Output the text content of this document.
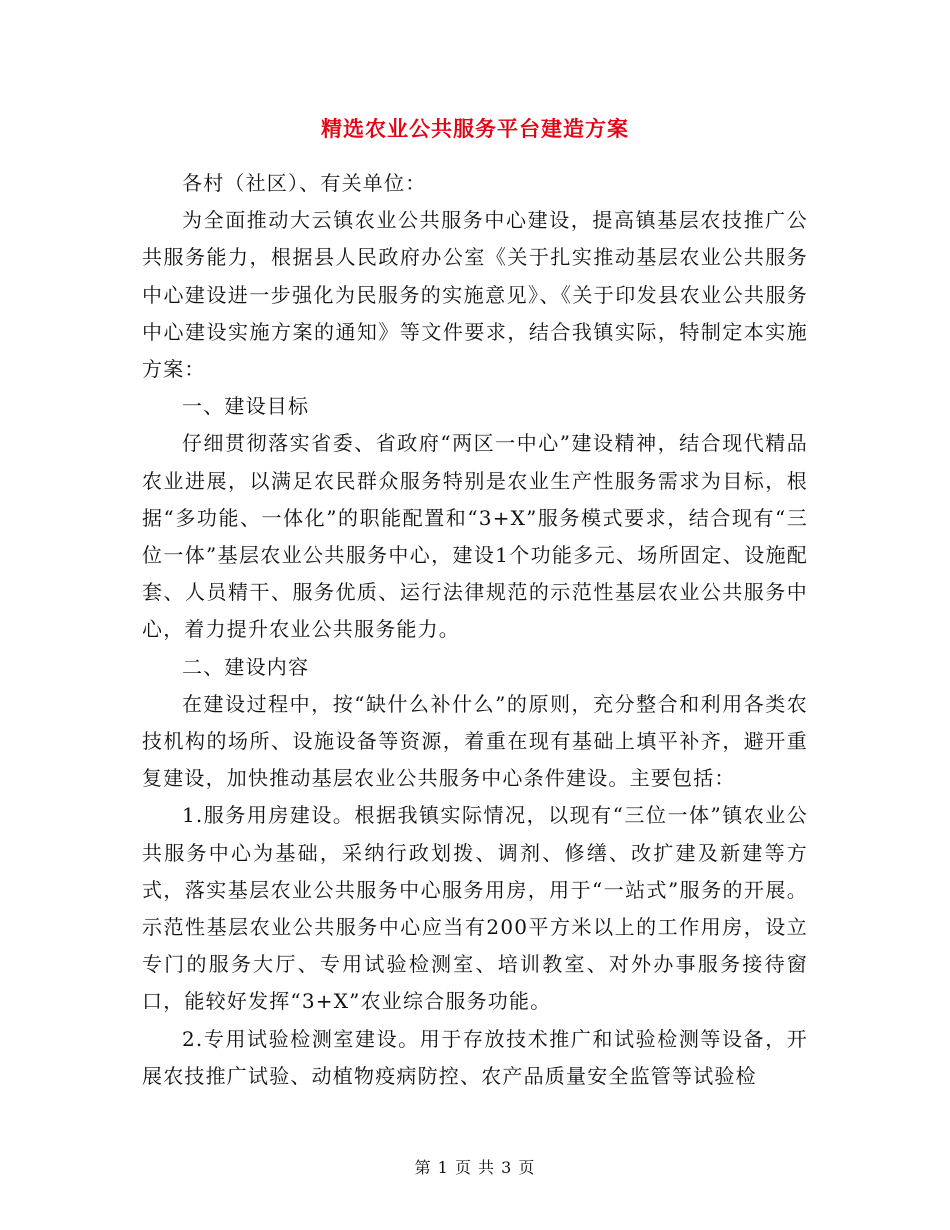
精选农业公共服务平台建造方案

各村（社区）、有关单位：

为全面推动大云镇农业公共服务中心建设，提高镇基层农技推广公共服务能力，根据县人民政府办公室《关于扎实推动基层农业公共服务中心建设进一步强化为民服务的实施意见》、《关于印发县农业公共服务中心建设实施方案的通知》等文件要求，结合我镇实际，特制定本实施方案：

一、建设目标

仔细贯彻落实省委、省政府“两区一中心”建设精神，结合现代精品农业进展，以满足农民群众服务特别是农业生产性服务需求为目标，根据“多功能、一体化”的职能配置和“3+X”服务模式要求，结合现有“三位一体”基层农业公共服务中心，建设1个功能多元、场所固定、设施配套、人员精干、服务优质、运行法律规范的示范性基层农业公共服务中心，着力提升农业公共服务能力。

二、建设内容

在建设过程中，按“缺什么补什么”的原则，充分整合和利用各类农技机构的场所、设施设备等资源，着重在现有基础上填平补齐，避开重复建设，加快推动基层农业公共服务中心条件建设。主要包括：

1.服务用房建设。根据我镇实际情况，以现有“三位一体”镇农业公共服务中心为基础，采纳行政划拨、调剂、修缮、改扩建及新建等方式，落实基层农业公共服务中心服务用房，用于“一站式”服务的开展。示范性基层农业公共服务中心应当有200平方米以上的工作用房，设立专门的服务大厅、专用试验检测室、培训教室、对外办事服务接待窗口，能较好发挥“3+X”农业综合服务功能。

2.专用试验检测室建设。用于存放技术推广和试验检测等设备，开展农技推广试验、动植物疫病防控、农产品质量安全监管等试验检

第 1 页 共 3 页
